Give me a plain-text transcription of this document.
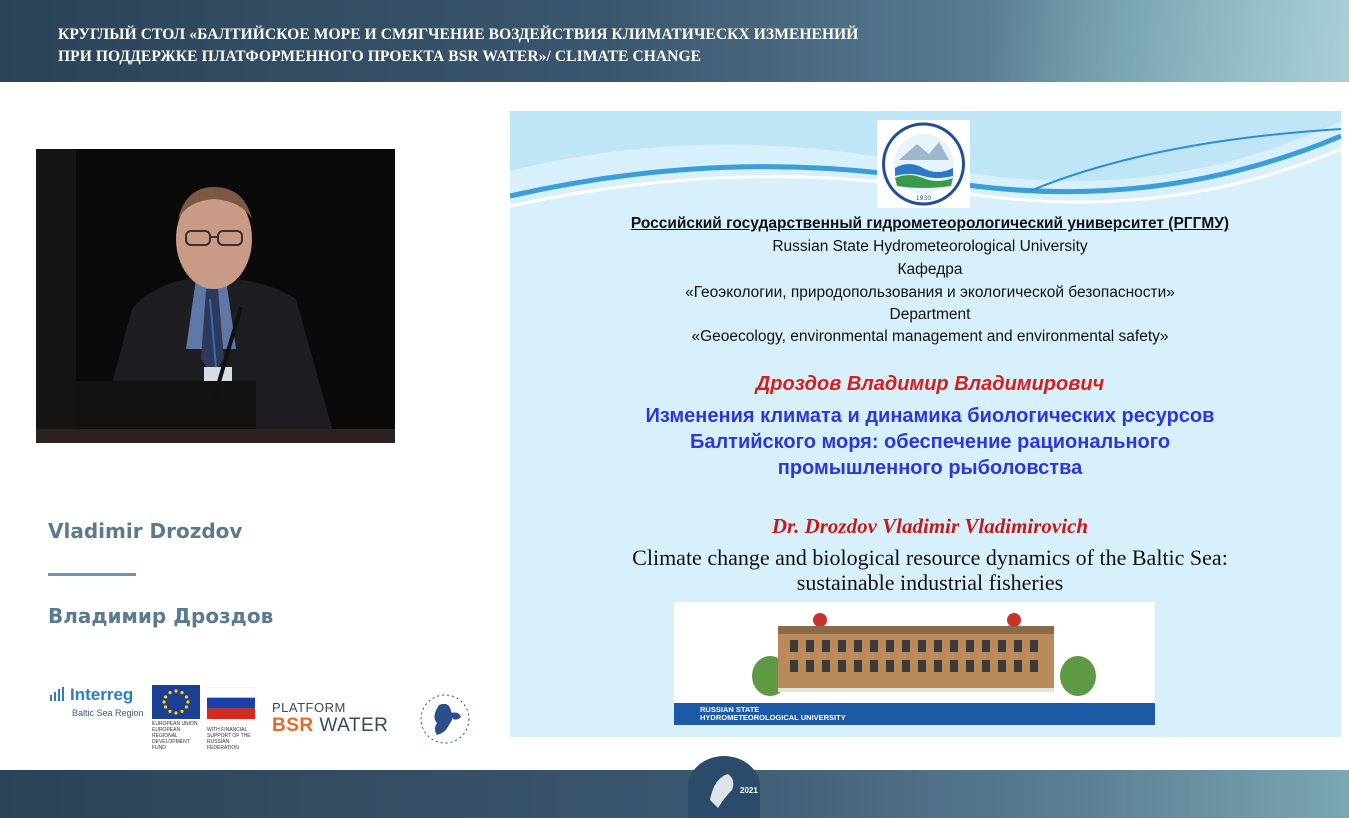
КРУГЛЫЙ СТОЛ «БАЛТИЙСКОЕ МОРЕ И СМЯГЧЕНИЕ ВОЗДЕЙСТВИЯ КЛИМАТИЧЕСКХ ИЗМЕНЕНИЙ
ПРИ ПОДДЕРЖКЕ ПЛАТФОРМЕННОГО ПРОЕКТА BSR WATER»/ CLIMATE CHANGE
Vladimir Drozdov
Владимир Дроздов
Interreg
Baltic Sea Region
EUROPEAN UNION EUROPEAN REGIONAL DEVELOPMENT FUND
WITH FINANCIAL SUPPORT OF THE RUSSIAN FEDERATION
PLATFORM
BSR WATER
1930
Российский государственный гидрометеорологический университет (РГГМУ)
Russian State Hydrometeorological University
Кафедра
«Геоэкологии, природопользования и экологической безопасности»
Department
«Geoecology, environmental management and environmental safety»
Дроздов Владимир Владимирович
Изменения климата и динамика биологических ресурсов
Балтийского моря: обеспечение рационального
промышленного рыболовства
Dr. Drozdov Vladimir Vladimirovich
Climate change and biological resource dynamics of the Baltic Sea:
sustainable industrial fisheries
RUSSIAN STATE
HYDROMETEOROLOGICAL UNIVERSITY
2021
